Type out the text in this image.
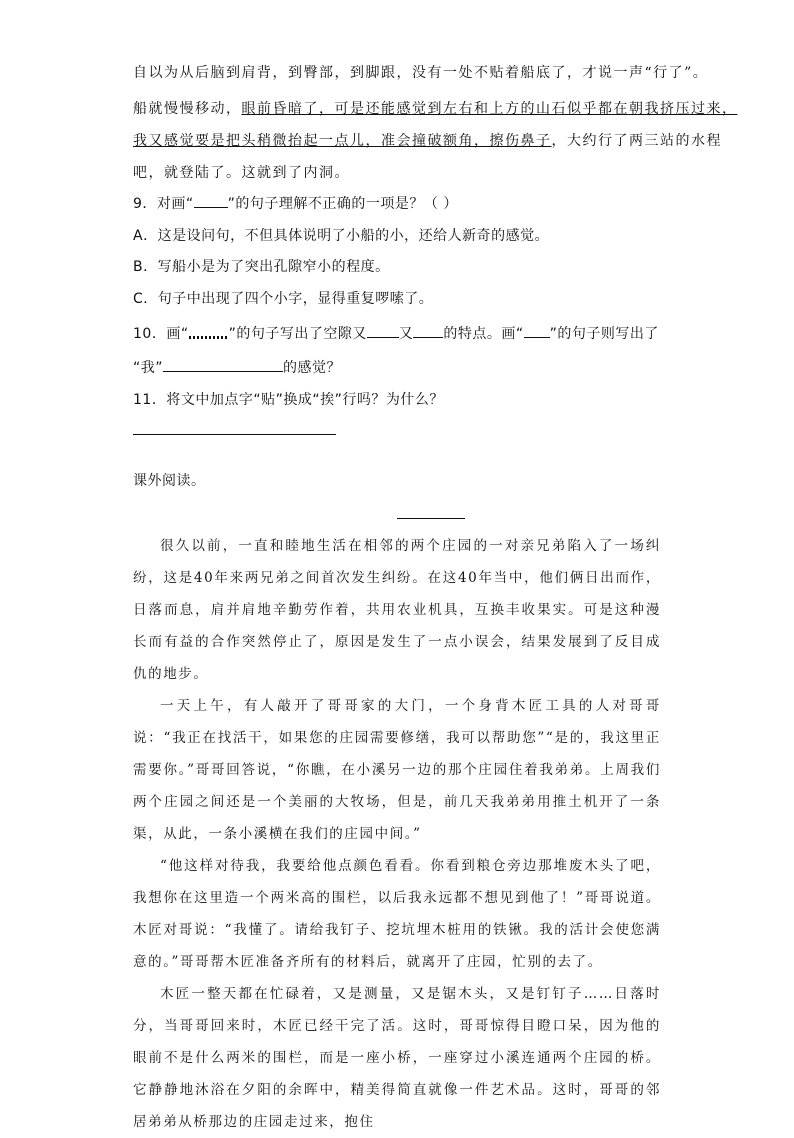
自以为从后脑到肩背，到臀部，到脚跟，没有一处不贴着船底了，才说一声“行了”。
船就慢慢移动，眼前昏暗了，可是还能感觉到左右和上方的山石似乎都在朝我挤压过来，
我又感觉要是把头稍微抬起一点儿，准会撞破额角，擦伤鼻子，大约行了两三站的水程
吧，就登陆了。这就到了内洞。
9．对画“ ”的句子理解不正确的一项是？（ ）
A．这是设问句，不但具体说明了小船的小，还给人新奇的感觉。
B．写船小是为了突出孔隙窄小的程度。
C．句子中出现了四个小字，显得重复啰嗦了。
10．画“	”的句子写出了空隙又 又 的特点。画“ ”的句子则写出了
“我”	的感觉？
11．将文中加点字“贴”换成“挨”行吗？为什么？
课外阅读。

很久以前，一直和睦地生活在相邻的两个庄园的一对亲兄弟陷入了一场纠纷，这是40年来两兄弟之间首次发生纠纷。在这40年当中，他们俩日出而作，日落而息，肩并肩地辛勤劳作着，共用农业机具，互换丰收果实。可是这种漫长而有益的合作突然停止了，原因是发生了一点小误会，结果发展到了反目成仇的地步。

一天上午，有人敲开了哥哥家的大门，一个身背木匠工具的人对哥哥说：“我正在找活干，如果您的庄园需要修缮，我可以帮助您”“是的，我这里正需要你。”哥哥回答说，“你瞧，在小溪另一边的那个庄园住着我弟弟。上周我们两个庄园之间还是一个美丽的大牧场，但是，前几天我弟弟用推土机开了一条渠，从此，一条小溪横在我们的庄园中间。”

“他这样对待我，我要给他点颜色看看。你看到粮仓旁边那堆废木头了吧，我想你在这里造一个两米高的围栏，以后我永远都不想见到他了！”哥哥说道。木匠对哥说：“我懂了。请给我钉子、挖坑埋木桩用的铁锹。我的活计会使您满意的。”哥哥帮木匠准备齐所有的材料后，就离开了庄园，忙别的去了。

木匠一整天都在忙碌着，又是测量，又是锯木头，又是钉钉子……日落时分，当哥哥回来时，木匠已经干完了活。这时，哥哥惊得目瞪口呆，因为他的眼前不是什么两米的围栏，而是一座小桥，一座穿过小溪连通两个庄园的桥。它静静地沐浴在夕阳的余晖中，精美得简直就像一件艺术品。这时，哥哥的邻居弟弟从桥那边的庄园走过来，抱住
